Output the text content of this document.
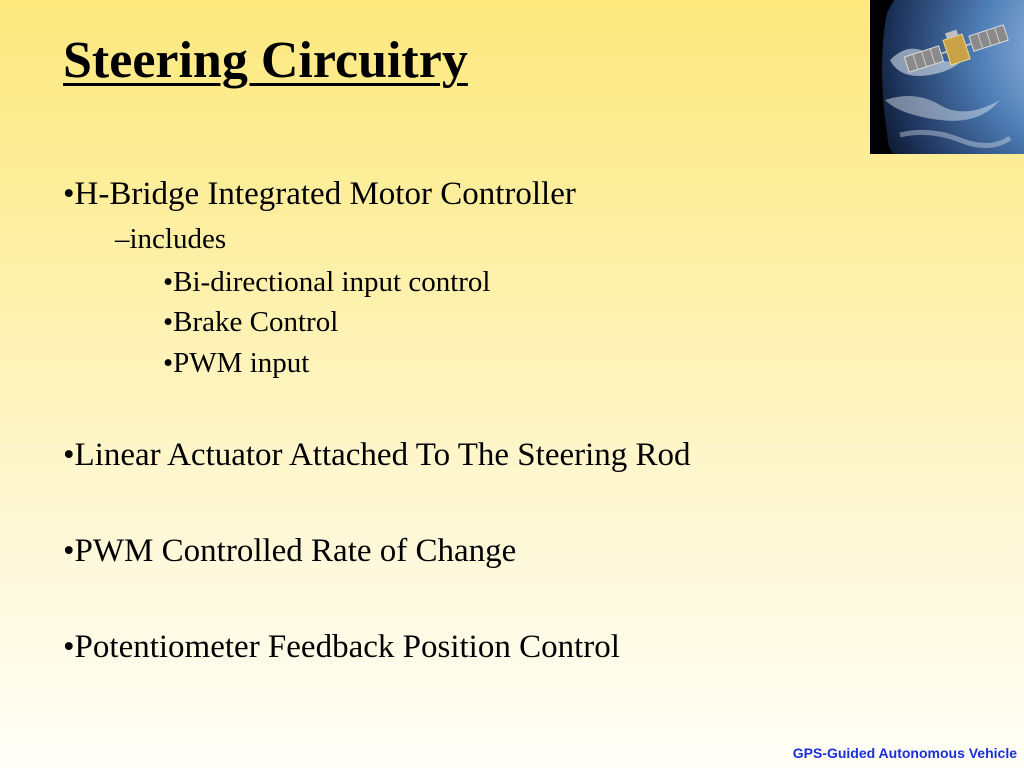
Steering Circuitry
•H-Bridge Integrated Motor Controller
–includes
•Bi-directional input control
•Brake Control
•PWM input
•Linear Actuator Attached To The Steering Rod
•PWM Controlled Rate of Change
•Potentiometer Feedback Position Control
GPS-Guided Autonomous Vehicle
